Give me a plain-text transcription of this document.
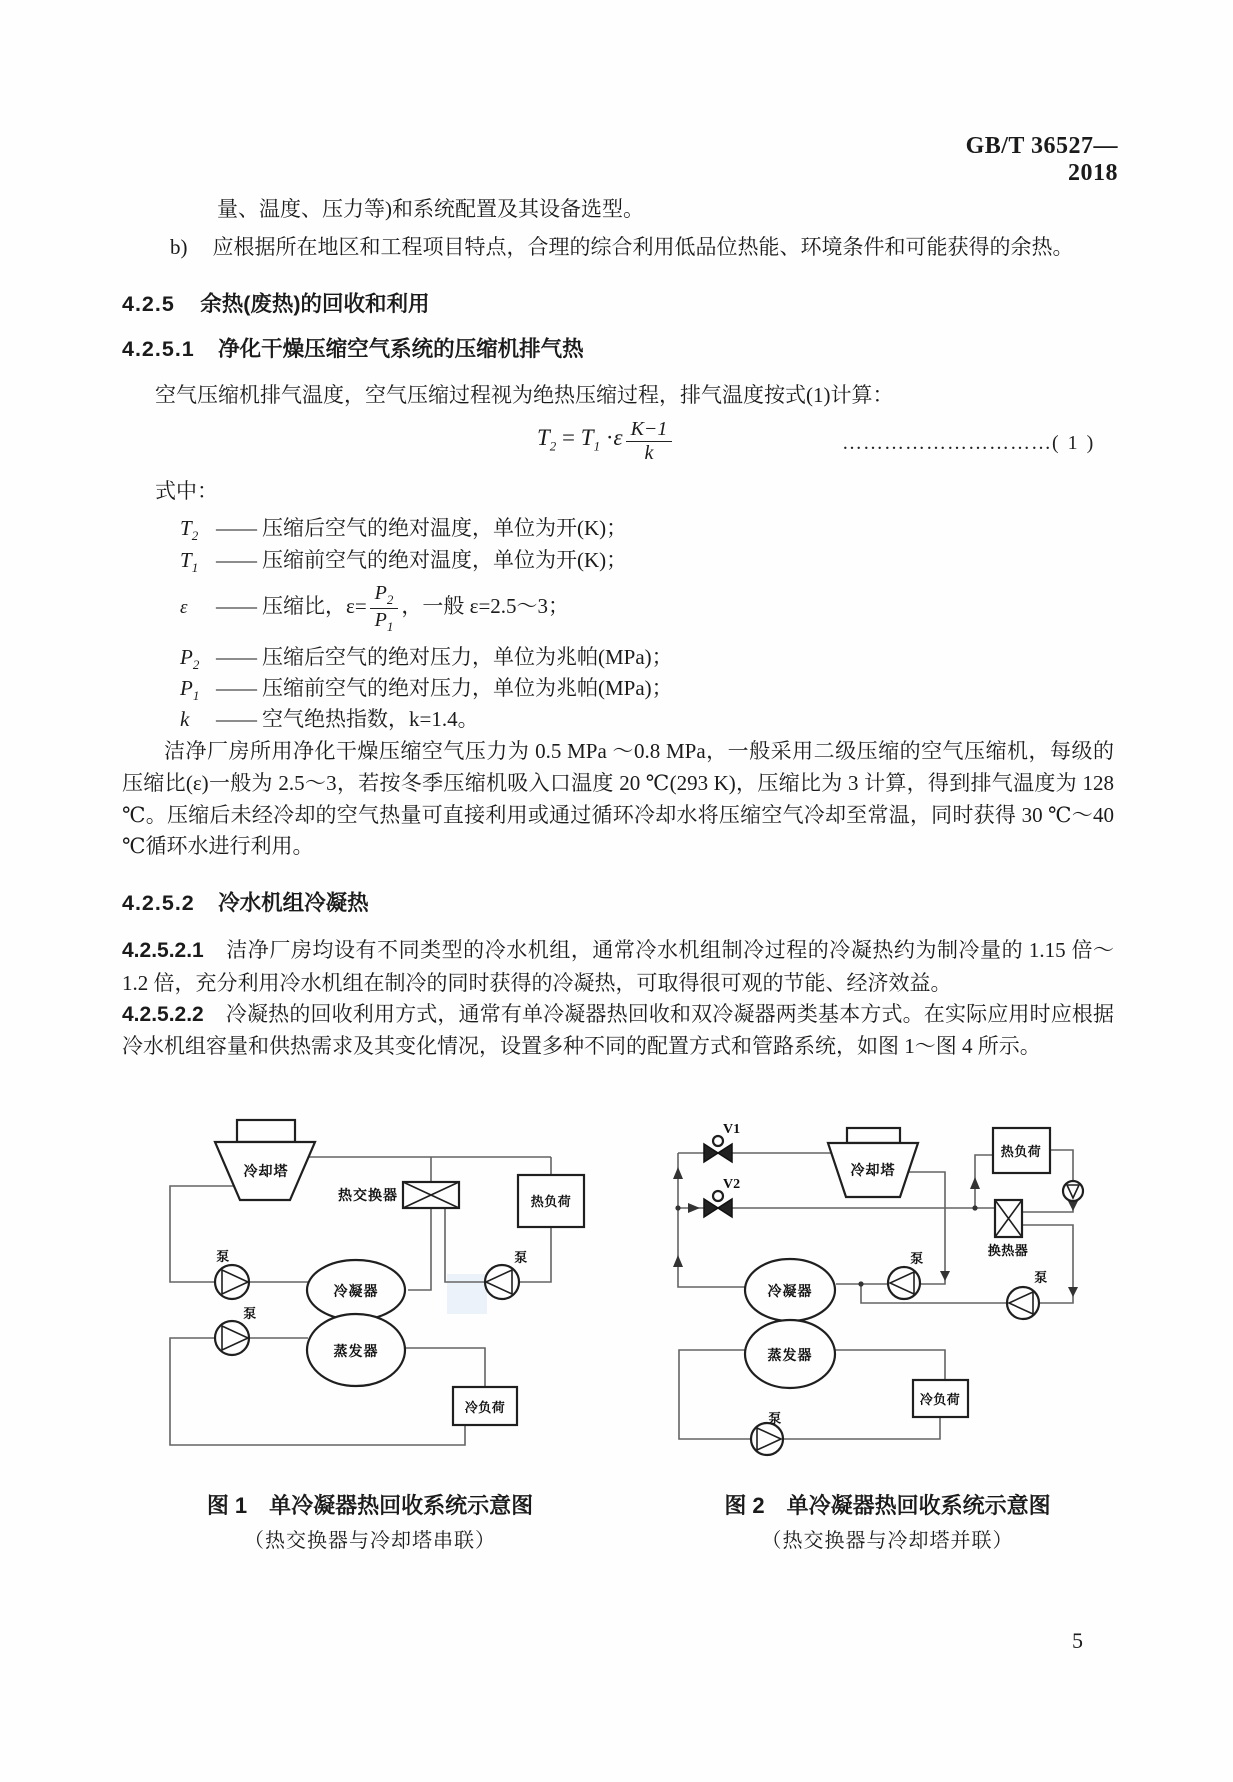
GB/T 36527—2018
量、温度、压力等)和系统配置及其设备选型。
b) 应根据所在地区和工程项目特点，合理的综合利用低品位热能、环境条件和可能获得的余热。
4.2.5 余热(废热)的回收和利用
4.2.5.1 净化干燥压缩空气系统的压缩机排气热
空气压缩机排气温度，空气压缩过程视为绝热压缩过程，排气温度按式(1)计算：
$T_2 = T_1 \cdot\varepsilon \frac{K-1}{k}$	…………………………( 1 )
式中：
$T_2$ —— 压缩后空气的绝对温度，单位为开(K)；
$T_1$ —— 压缩前空气的绝对温度，单位为开(K)；
ε —— 压缩比，$\varepsilon= \frac{P_2}{P_1}$ ，一般 ε=2.5～3；
$P_2$ —— 压缩后空气的绝对压力，单位为兆帕(MPa)；
$P_1$ —— 压缩前空气的绝对压力，单位为兆帕(MPa)；
k —— 空气绝热指数，k=1.4。
洁净厂房所用净化干燥压缩空气压力为 0.5 MPa ～0.8 MPa，一般采用二级压缩的空气压缩机，每级的压缩比(ε)一般为 2.5～3，若按冬季压缩机吸入口温度 20 ℃(293 K)，压缩比为 3 计算，得到排气温度为 128 ℃。压缩后未经冷却的空气热量可直接利用或通过循环冷却水将压缩空气冷却至常温，同时获得 30 ℃～40 ℃循环水进行利用。
4.2.5.2 冷水机组冷凝热
4.2.5.2.1 洁净厂房均设有不同类型的冷水机组，通常冷水机组制冷过程的冷凝热约为制冷量的 1.15 倍～1.2 倍，充分利用冷水机组在制冷的同时获得的冷凝热，可取得很可观的节能、经济效益。
4.2.5.2.2 冷凝热的回收利用方式，通常有单冷凝器热回收和双冷凝器两类基本方式。在实际应用时应根据冷水机组容量和供热需求及其变化情况，设置多种不同的配置方式和管路系统，如图 1～图 4 所示。
冷却塔
热交换器	热负荷
泵
泵
泵
冷凝器
蒸发器
冷负荷
V1
V2
冷却塔
热负荷
换热器
泵
泵
冷凝器
蒸发器
冷负荷
泵
图 1　单冷凝器热回收系统示意图
（热交换器与冷却塔串联）
图 2　单冷凝器热回收系统示意图
（热交换器与冷却塔并联）
5
